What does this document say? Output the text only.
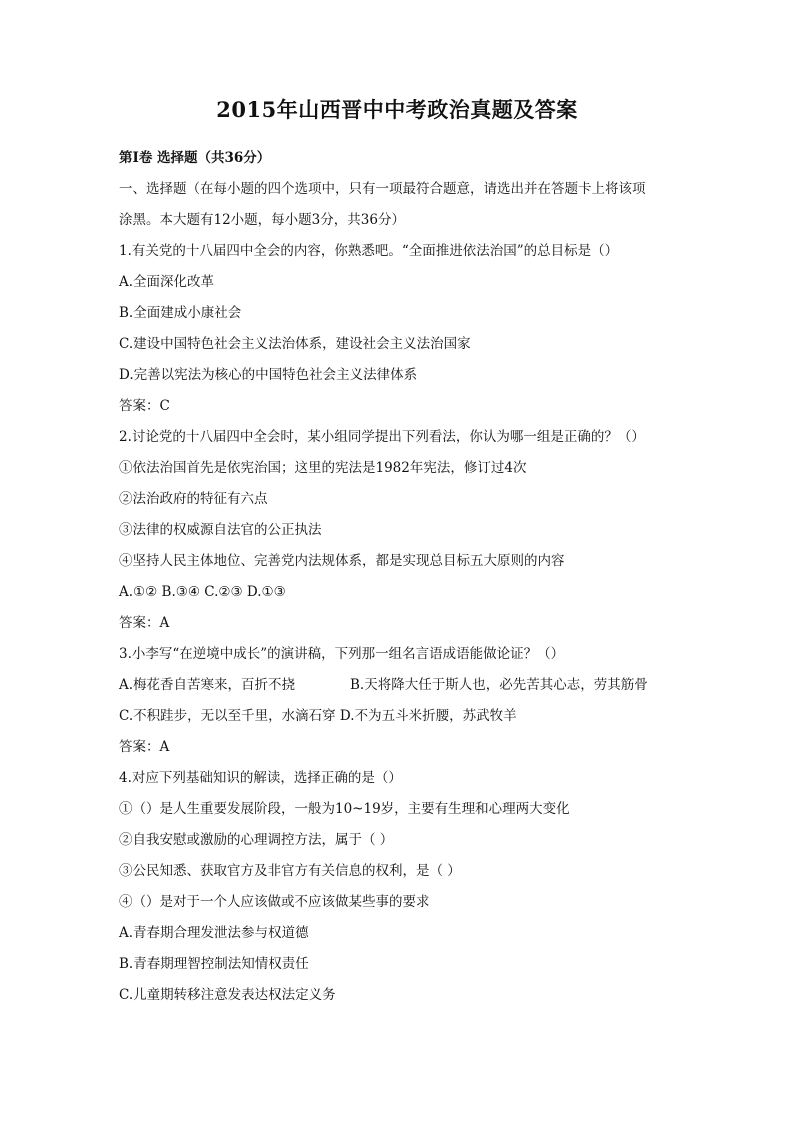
2015年山西晋中中考政治真题及答案
第Ⅰ卷 选择题（共36分）
一、选择题（在每小题的四个选项中，只有一项最符合题意，请选出并在答题卡上将该项
涂黑。本大题有12小题，每小题3分，共36分）
1.有关党的十八届四中全会的内容，你熟悉吧。“全面推进依法治国”的总目标是（）
A.全面深化改革
B.全面建成小康社会
C.建设中国特色社会主义法治体系，建设社会主义法治国家
D.完善以宪法为核心的中国特色社会主义法律体系
答案：C
2.讨论党的十八届四中全会时，某小组同学提出下列看法，你认为哪一组是正确的？（）
①依法治国首先是依宪治国；这里的宪法是1982年宪法，修订过4次
②法治政府的特征有六点
③法律的权威源自法官的公正执法
④坚持人民主体地位、完善党内法规体系，都是实现总目标五大原则的内容
A.①② B.③④ C.②③ D.①③
答案：A
3.小李写“在逆境中成长”的演讲稿，下列那一组名言语成语能做论证？（）
A.梅花香自苦寒来，百折不挠	B.天将降大任于斯人也，必先苦其心志，劳其筋骨
C.不积跬步，无以至千里，水滴石穿 D.不为五斗米折腰，苏武牧羊
答案：A
4.对应下列基础知识的解读，选择正确的是（）
①（）是人生重要发展阶段，一般为10~19岁，主要有生理和心理两大变化
②自我安慰或激励的心理调控方法，属于（ ）
③公民知悉、获取官方及非官方有关信息的权利，是（ ）
④（）是对于一个人应该做或不应该做某些事的要求
A.青春期合理发泄法参与权道德
B.青春期理智控制法知情权责任
C.儿童期转移注意发表达权法定义务
